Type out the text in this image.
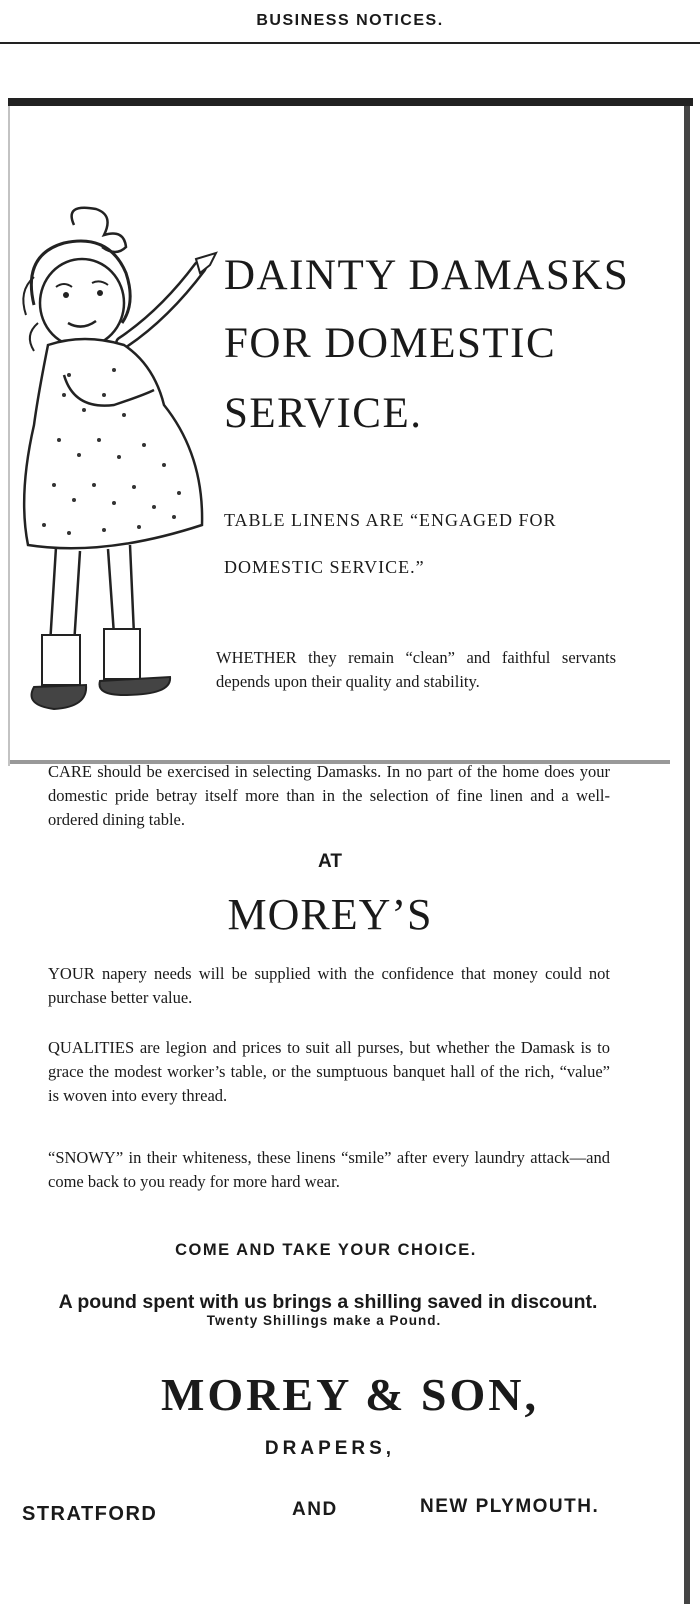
BUSINESS NOTICES.
DAINTY DAMASKS
FOR DOMESTIC
SERVICE.
TABLE LINENS ARE “ENGAGED FOR
DOMESTIC SERVICE.”
WHETHER they remain “clean” and faithful servants depends upon their quality and stability.
CARE should be exercised in selecting Damasks. In no part of the home does your domestic pride betray itself more than in the selection of fine linen and a well-ordered dining table.
AT
MOREY’S
YOUR napery needs will be supplied with the confidence that money could not purchase better value.
QUALITIES are legion and prices to suit all purses, but whether the Damask is to grace the modest worker’s table, or the sumptuous banquet hall of the rich, “value” is woven into every thread.
“SNOWY” in their whiteness, these linens “smile” after every laundry attack—and come back to you ready for more hard wear.
COME AND TAKE YOUR CHOICE.
A pound spent with us brings a shilling saved in discount.
Twenty Shillings make a Pound.
MOREY & SON,
DRAPERS,
STRATFORD	AND	NEW PLYMOUTH.
